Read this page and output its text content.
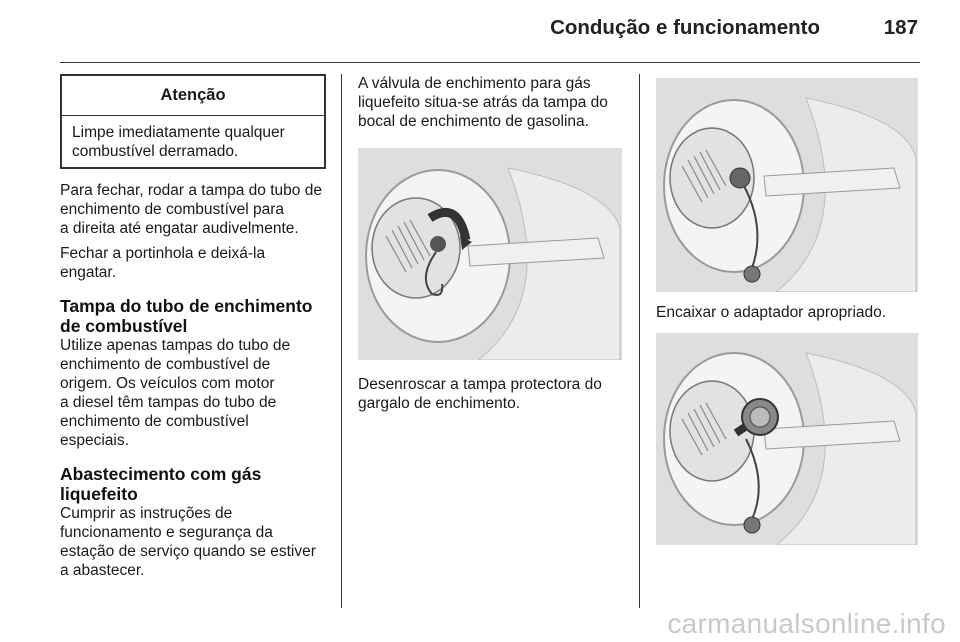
Condução e funcionamento	187
Atenção
Limpe imediatamente qualquer combustível derramado.

Para fechar, rodar a tampa do tubo de
enchimento de combustível para
a direita até engatar audivelmente.

Fechar a portinhola e deixá-la
engatar.

Tampa do tubo de enchimento
de combustível

Utilize apenas tampas do tubo de
enchimento de combustível de
origem. Os veículos com motor
a diesel têm tampas do tubo de
enchimento de combustível
especiais.

Abastecimento com gás
liquefeito

Cumprir as instruções de
funcionamento e segurança da
estação de serviço quando se estiver
a abastecer.

A válvula de enchimento para gás
liquefeito situa-se atrás da tampa do
bocal de enchimento de gasolina.

Desenroscar a tampa protectora do
gargalo de enchimento.

Encaixar o adaptador apropriado.

carmanualsonline.info
